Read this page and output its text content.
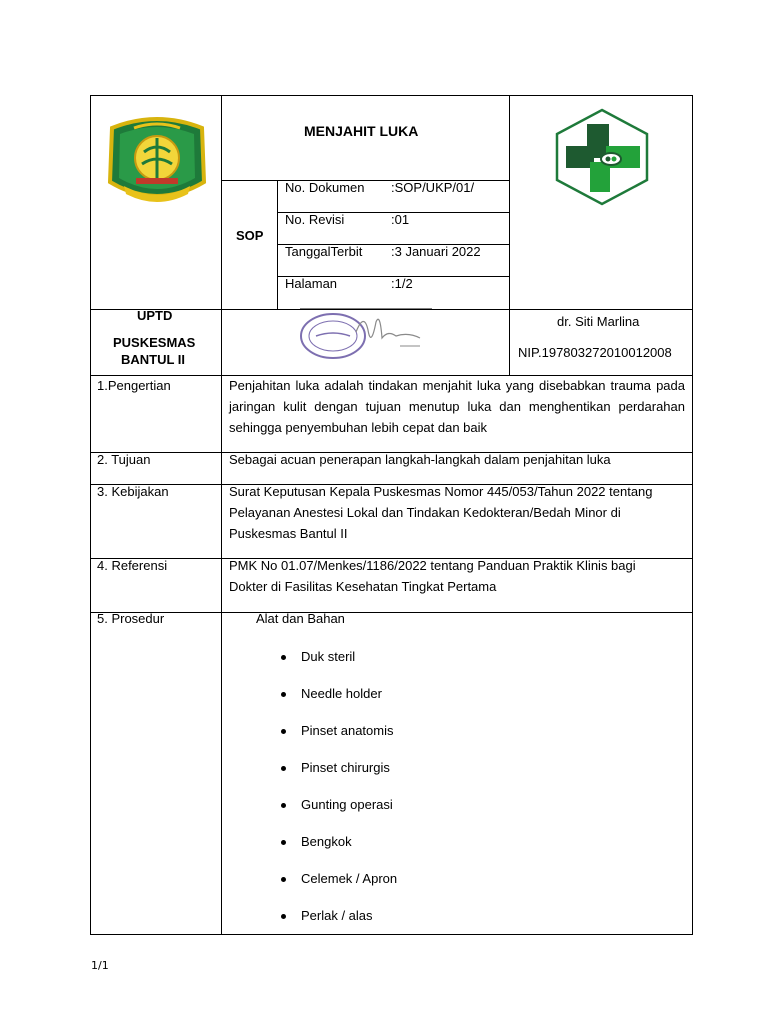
MENJAHIT LUKA
SOP
No. Dokumen :SOP/UKP/01/
No. Revisi	:01
TanggalTerbit :3 Januari 2022
Halaman	:1/2
UPTD
PUSKESMAS
BANTUL II
dr. Siti Marlina
NIP.197803272010012008
1.Pengertian	Penjahitan luka adalah tindakan menjahit luka yang disebabkan trauma pada jaringan kulit dengan tujuan menutup luka dan menghentikan perdarahan sehingga penyembuhan lebih cepat dan baik
2. Tujuan	Sebagai acuan penerapan langkah-langkah dalam penjahitan luka
3. Kebijakan	Surat Keputusan Kepala Puskesmas Nomor 445/053/Tahun 2022 tentang Pelayanan Anestesi Lokal dan Tindakan Kedokteran/Bedah Minor di Puskesmas Bantul II
4. Referensi	PMK No 01.07/Menkes/1186/2022 tentang Panduan Praktik Klinis bagi Dokter di Fasilitas Kesehatan Tingkat Pertama
5. Prosedur	Alat dan Bahan
Duk steril
Needle holder
Pinset anatomis
Pinset chirurgis
Gunting operasi
Bengkok
Celemek / Apron
Perlak / alas
1/1
